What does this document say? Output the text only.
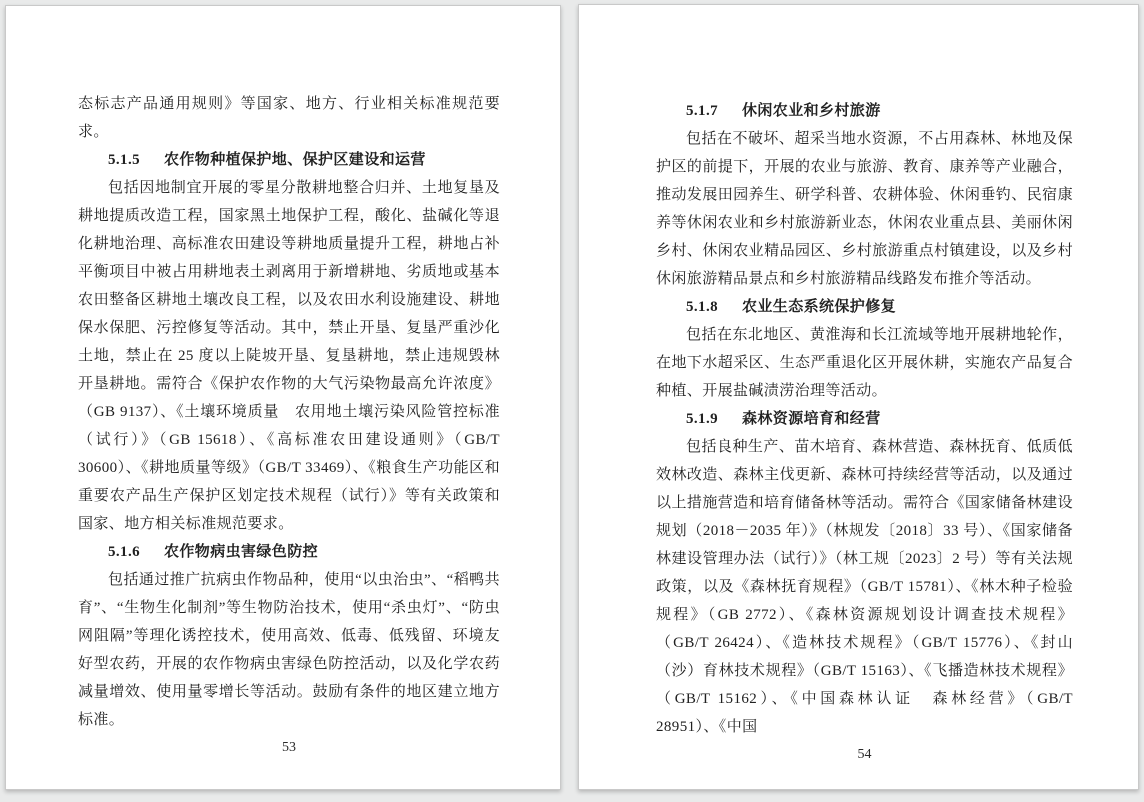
态标志产品通用规则》等国家、地方、行业相关标准规范要求。

5.1.5 农作物种植保护地、保护区建设和运营

包括因地制宜开展的零星分散耕地整合归并、土地复垦及耕地提质改造工程，国家黑土地保护工程，酸化、盐碱化等退化耕地治理、高标准农田建设等耕地质量提升工程，耕地占补平衡项目中被占用耕地表土剥离用于新增耕地、劣质地或基本农田整备区耕地土壤改良工程，以及农田水利设施建设、耕地保水保肥、污控修复等活动。其中，禁止开垦、复垦严重沙化土地，禁止在 25 度以上陡坡开垦、复垦耕地，禁止违规毁林开垦耕地。需符合《保护农作物的大气污染物最高允许浓度》（GB 9137）、《土壤环境质量　农用地土壤污染风险管控标准（试行）》（GB 15618）、《高标准农田建设通则》（GB/T 30600）、《耕地质量等级》（GB/T 33469）、《粮食生产功能区和重要农产品生产保护区划定技术规程（试行）》等有关政策和国家、地方相关标准规范要求。

5.1.6 农作物病虫害绿色防控

包括通过推广抗病虫作物品种，使用“以虫治虫”、“稻鸭共育”、“生物生化制剂”等生物防治技术，使用“杀虫灯”、“防虫网阻隔”等理化诱控技术，使用高效、低毒、低残留、环境友好型农药，开展的农作物病虫害绿色防控活动，以及化学农药减量增效、使用量零增长等活动。鼓励有条件的地区建立地方标准。

53

5.1.7 休闲农业和乡村旅游

包括在不破坏、超采当地水资源，不占用森林、林地及保护区的前提下，开展的农业与旅游、教育、康养等产业融合，推动发展田园养生、研学科普、农耕体验、休闲垂钓、民宿康养等休闲农业和乡村旅游新业态，休闲农业重点县、美丽休闲乡村、休闲农业精品园区、乡村旅游重点村镇建设，以及乡村休闲旅游精品景点和乡村旅游精品线路发布推介等活动。

5.1.8 农业生态系统保护修复

包括在东北地区、黄淮海和长江流域等地开展耕地轮作，在地下水超采区、生态严重退化区开展休耕，实施农产品复合种植、开展盐碱渍涝治理等活动。

5.1.9 森林资源培育和经营

包括良种生产、苗木培育、森林营造、森林抚育、低质低效林改造、森林主伐更新、森林可持续经营等活动，以及通过以上措施营造和培育储备林等活动。需符合《国家储备林建设规划（2018－2035 年）》（林规发〔2018〕33 号）、《国家储备林建设管理办法（试行）》（林工规〔2023〕2 号）等有关法规政策，以及《森林抚育规程》（GB/T 15781）、《林木种子检验规程》（GB 2772）、《森林资源规划设计调查技术规程》（GB/T 26424）、《造林技术规程》（GB/T 15776）、《封山（沙）育林技术规程》（GB/T 15163）、《飞播造林技术规程》（GB/T 15162）、《中国森林认证　森林经营》（GB/T 28951）、《中国

54
